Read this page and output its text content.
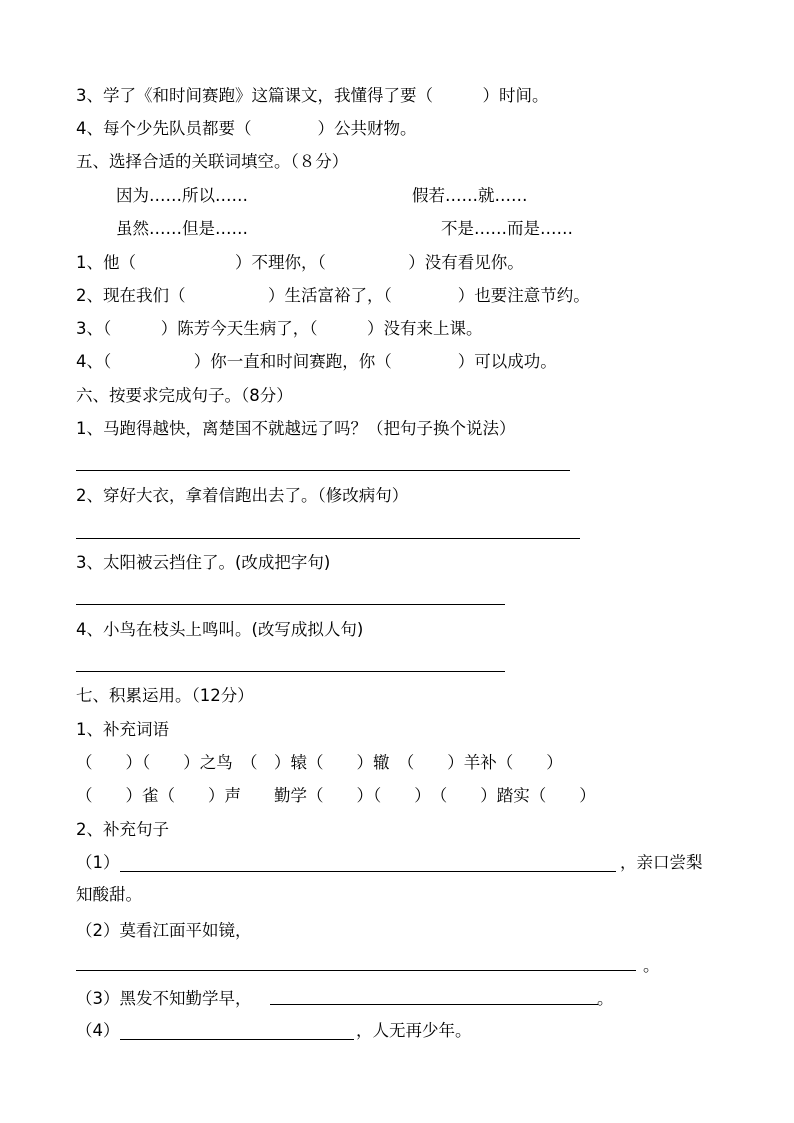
3、学了《和时间赛跑》这篇课文，我懂得了要（　　　）时间。
4、每个少先队员都要（　　　　）公共财物。
五、选择合适的关联词填空。（８分）
因为……所以……	假若……就……
虽然……但是……	不是……而是……
1、他（　　　　　　）不理你，（　　　　　）没有看见你。
2、现在我们（　　　　　）生活富裕了，（　　　　）也要注意节约。
3、（　　　）陈芳今天生病了，（　　　）没有来上课。
4、（　　　　　）你一直和时间赛跑，你（　　　　）可以成功。
六、按要求完成句子。（8分）
1、马跑得越快，离楚国不就越远了吗？（把句子换个说法）
2、穿好大衣，拿着信跑出去了。（修改病句）
3、太阳被云挡住了。(改成把字句)
4、小鸟在枝头上鸣叫。(改写成拟人句)
七、积累运用。（12分）
1、补充词语
（　　）（　　）之鸟　（　）辕（　　）辙　（　　）羊补（　　）
（　　）雀（　　）声　　勤学（　　）（　　）　（　　）踏实（　　）
2、补充句子
（1）	，亲口尝梨
知酸甜。
（2）莫看江面平如镜，
。
（3）黑发不知勤学早，	。
（4）	，人无再少年。
